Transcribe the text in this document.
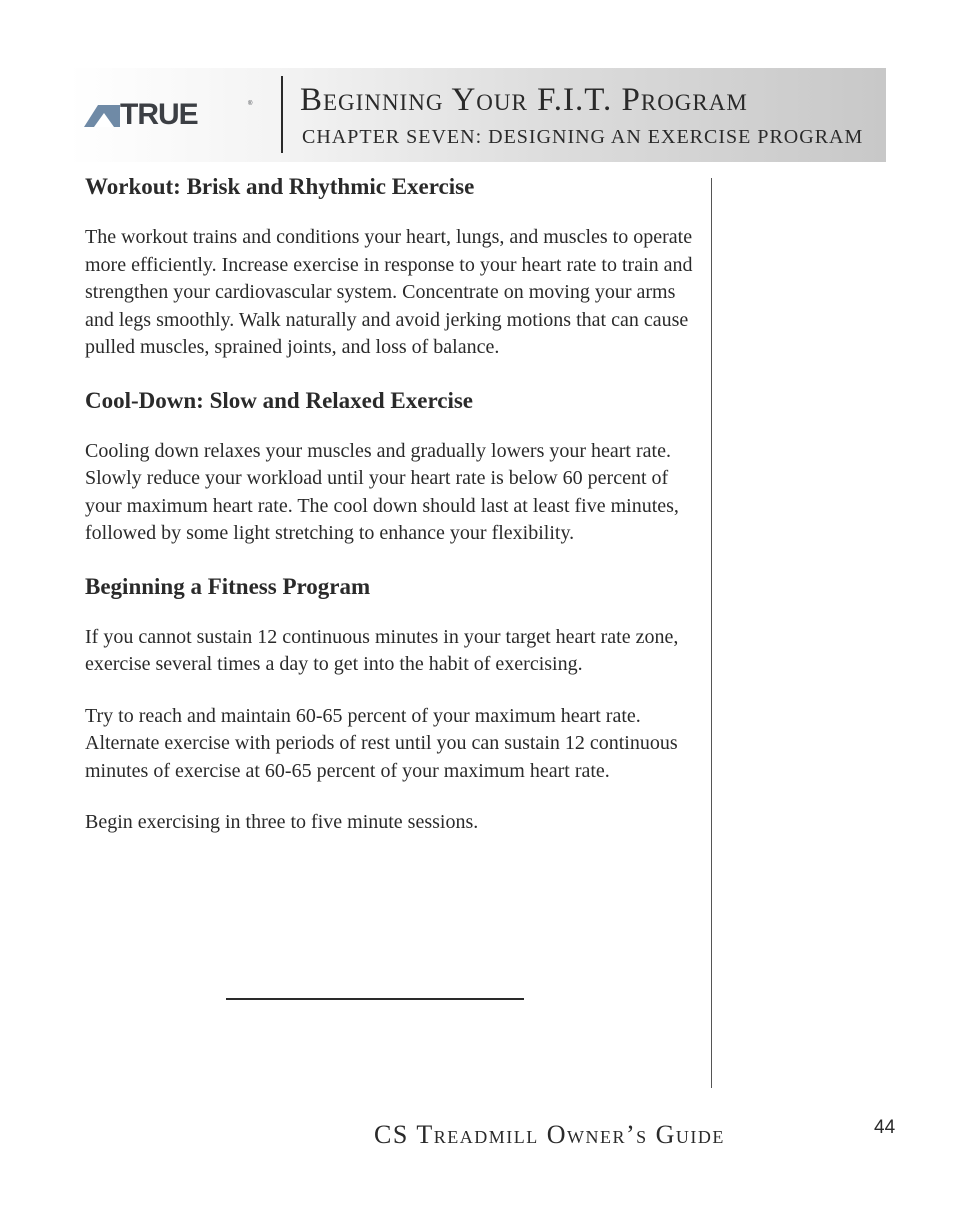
TRUE	® Beginning Your F.I.T. Program
CHAPTER SEVEN: DESIGNING AN EXERCISE PROGRAM
Workout: Brisk and Rhythmic Exercise

The workout trains and conditions your heart, lungs, and muscles to operate more efficiently. Increase exercise in response to your heart rate to train and strengthen your cardiovascular system. Concentrate on moving your arms and legs smoothly. Walk naturally and avoid jerking motions that can cause pulled muscles, sprained joints, and loss of balance.

Cool-Down: Slow and Relaxed Exercise

Cooling down relaxes your muscles and gradually lowers your heart rate. Slowly reduce your workload until your heart rate is below 60 percent of your maximum heart rate. The cool down should last at least five minutes, followed by some light stretching to enhance your flexibility.

Beginning a Fitness Program

If you cannot sustain 12 continuous minutes in your target heart rate zone, exercise several times a day to get into the habit of exercising.

Try to reach and maintain 60-65 percent of your maximum heart rate. Alternate exercise with periods of rest until you can sustain 12 continuous minutes of exercise at 60-65 percent of your maximum heart rate.

Begin exercising in three to five minute sessions.

CS Treadmill Owner’s Guide	44
